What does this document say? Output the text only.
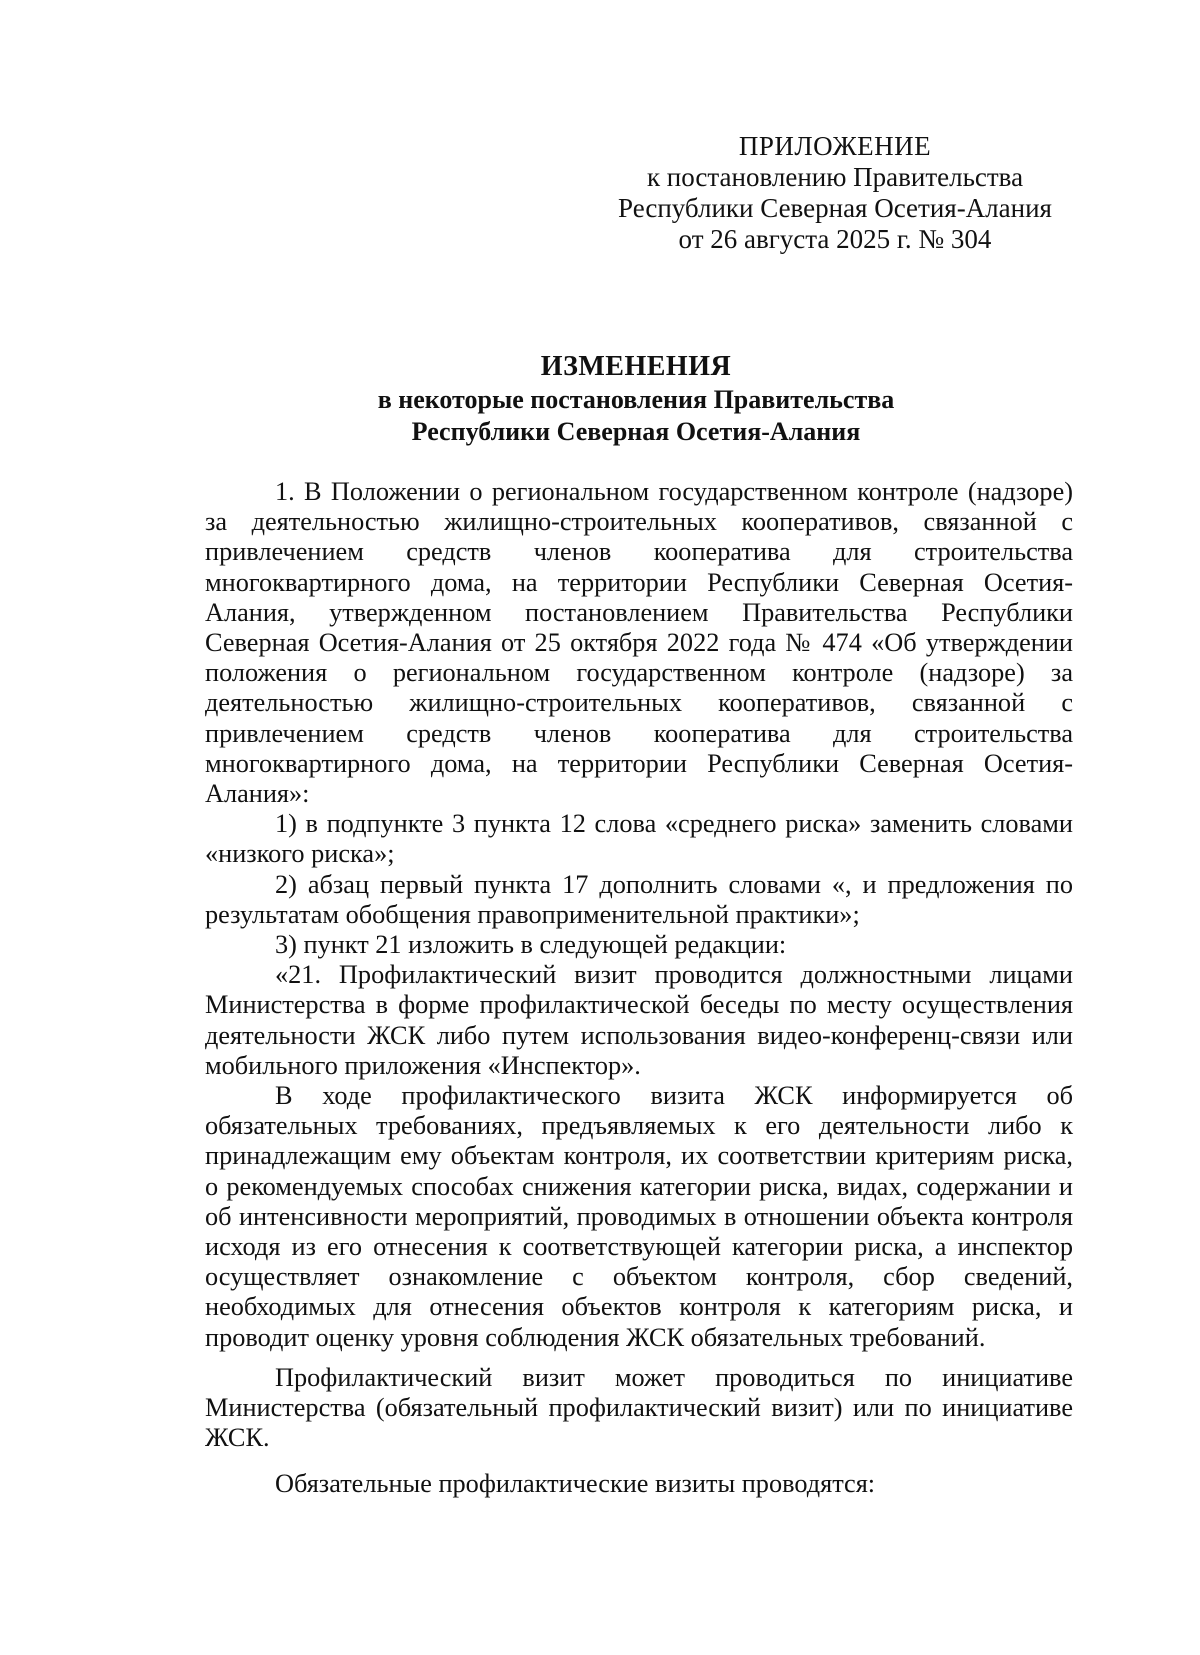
ПРИЛОЖЕНИЕ
к постановлению Правительства
Республики Северная Осетия-Алания
от 26 августа 2025 г. № 304
ИЗМЕНЕНИЯ
в некоторые постановления Правительства
Республики Северная Осетия-Алания

1. В Положении о региональном государственном контроле (надзоре) за деятельностью жилищно-строительных кооперативов, связанной с привлечением средств членов кооператива для строительства многоквартирного дома, на территории Республики Северная Осетия-Алания, утвержденном постановлением Правительства Республики Северная Осетия-Алания от 25 октября 2022 года № 474 «Об утверждении положения о региональном государственном контроле (надзоре) за деятельностью жилищно-строительных кооперативов, связанной с привлечением средств членов кооператива для строительства многоквартирного дома, на территории Республики Северная Осетия-Алания»:

1) в подпункте 3 пункта 12 слова «среднего риска» заменить словами «низкого риска»;

2) абзац первый пункта 17 дополнить словами «, и предложения по результатам обобщения правоприменительной практики»;

3) пункт 21 изложить в следующей редакции:

«21. Профилактический визит проводится должностными лицами Министерства в форме профилактической беседы по месту осуществления деятельности ЖСК либо путем использования видео-конференц-связи или мобильного приложения «Инспектор».

В ходе профилактического визита ЖСК информируется об обязательных требованиях, предъявляемых к его деятельности либо к принадлежащим ему объектам контроля, их соответствии критериям риска, о рекомендуемых способах снижения категории риска, видах, содержании и об интенсивности мероприятий, проводимых в отношении объекта контроля исходя из его отнесения к соответствующей категории риска, а инспектор осуществляет ознакомление с объектом контроля, сбор сведений, необходимых для отнесения объектов контроля к категориям риска, и проводит оценку уровня соблюдения ЖСК обязательных требований.

Профилактический визит может проводиться по инициативе Министерства (обязательный профилактический визит) или по инициативе ЖСК.

Обязательные профилактические визиты проводятся:
